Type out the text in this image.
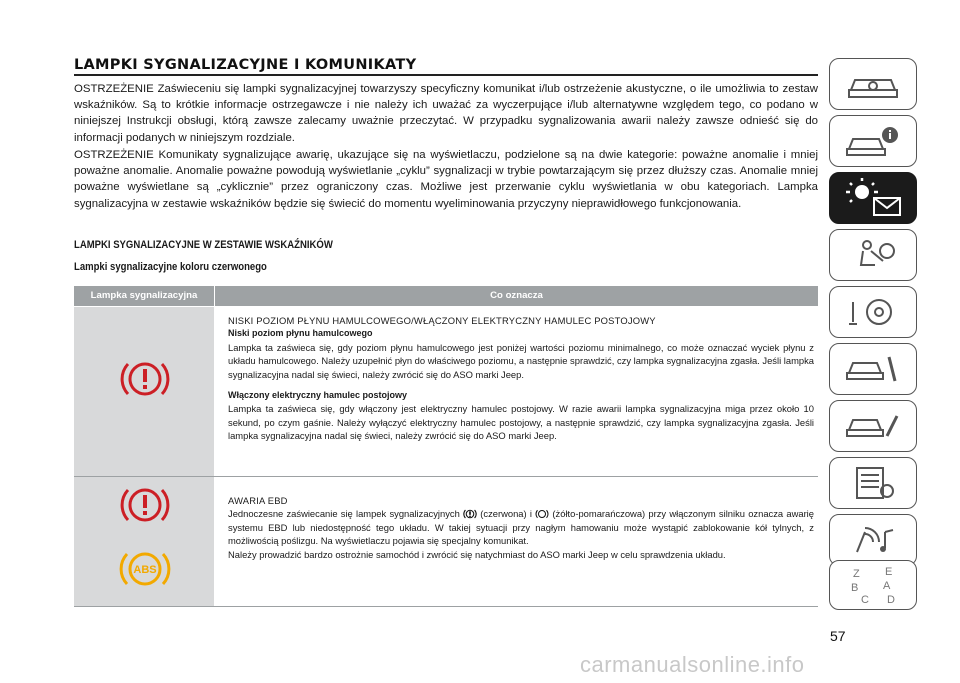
LAMPKI SYGNALIZACYJNE I KOMUNIKATY
OSTRZEŻENIE Zaświeceniu się lampki sygnalizacyjnej towarzyszy specyficzny komunikat i/lub ostrzeżenie akustyczne, o ile umożliwia to zestaw wskaźników. Są to krótkie informacje ostrzegawcze i nie należy ich uważać za wyczerpujące i/lub alternatywne względem tego, co podano w niniejszej Instrukcji obsługi, którą zawsze zalecamy uważnie przeczytać. W przypadku sygnalizowania awarii należy zawsze odnieść się do informacji podanych w niniejszym rozdziale.
OSTRZEŻENIE Komunikaty sygnalizujące awarię, ukazujące się na wyświetlaczu, podzielone są na dwie kategorie: poważne anomalie i mniej poważne anomalie. Anomalie poważne powodują wyświetlanie „cyklu” sygnalizacji w trybie powtarzającym się przez dłuższy czas. Anomalie mniej poważne wyświetlane są „cyklicznie” przez ograniczony czas. Możliwe jest przerwanie cyklu wyświetlania w obu kategoriach. Lampka sygnalizacyjna w zestawie wskaźników będzie się świecić do momentu wyeliminowania przyczyny nieprawidłowego funkcjonowania.
LAMPKI SYGNALIZACYJNE W ZESTAWIE WSKAŹNIKÓW
Lampki sygnalizacyjne koloru czerwonego
Lampka sygnalizacyjna	Co oznacza
NISKI POZIOM PŁYNU HAMULCOWEGO/WŁĄCZONY ELEKTRYCZNY HAMULEC POSTOJOWY
Niski poziom płynu hamulcowego
Lampka ta zaświeca się, gdy poziom płynu hamulcowego jest poniżej wartości poziomu minimalnego, co może oznaczać wyciek płynu z układu hamulcowego. Należy uzupełnić płyn do właściwego poziomu, a następnie sprawdzić, czy lampka sygnalizacyjna zgasła. Jeśli lampka sygnalizacyjna nadal się świeci, należy zwrócić się do ASO marki Jeep.
Włączony elektryczny hamulec postojowy
Lampka ta zaświeca się, gdy włączony jest elektryczny hamulec postojowy. W razie awarii lampka sygnalizacyjna miga przez około 10 sekund, po czym gaśnie. Należy wyłączyć elektryczny hamulec postojowy, a następnie sprawdzić, czy lampka sygnalizacyjna zgasła. Jeśli lampka sygnalizacyjna nadal się świeci, należy zwrócić się do ASO marki Jeep.
ABS
AWARIA EBD
Jednoczesne zaświecanie się lampek sygnalizacyjnych (czerwona) i (żółto-pomarańczowa) przy włączonym silniku oznacza awarię systemu EBD lub niedostępność tego układu. W takiej sytuacji przy nagłym hamowaniu może wystąpić zablokowanie kół tylnych, z możliwością poślizgu. Na wyświetlaczu pojawia się specjalny komunikat.
Należy prowadzić bardzo ostrożnie samochód i zwrócić się natychmiast do ASO marki Jeep w celu sprawdzenia układu.
Z E
B A
C D
57
carmanualsonline.info
